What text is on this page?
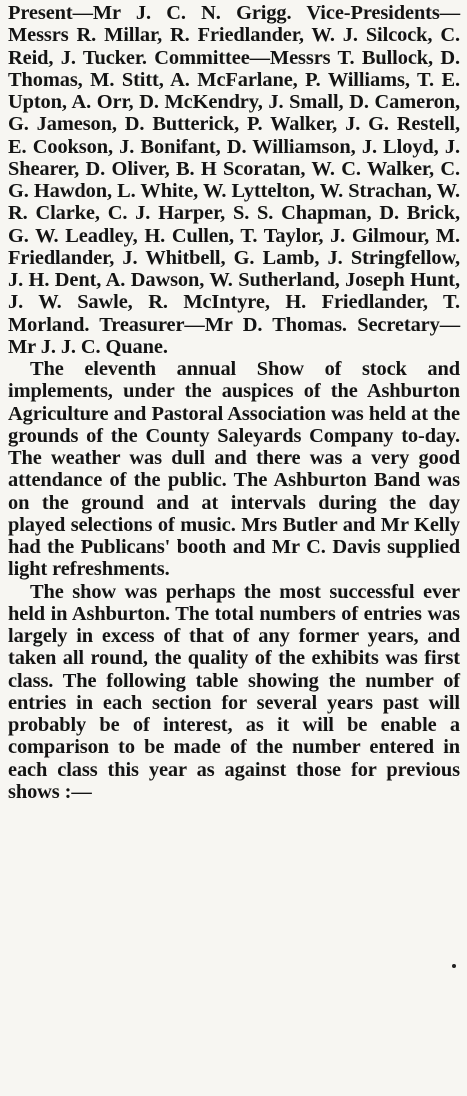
Present—Mr J. C. N. Grigg. Vice-Presidents—Messrs R. Millar, R. Friedlander, W. J. Silcock, C. Reid, J. Tucker. Committee—Messrs T. Bullock, D. Thomas, M. Stitt, A. McFarlane, P. Williams, T. E. Upton, A. Orr, D. McKendry, J. Small, D. Cameron, G. Jameson, D. Butterick, P. Walker, J. G. Restell, E. Cookson, J. Bonifant, D. Williamson, J. Lloyd, J. Shearer, D. Oliver, B. H Scoratan, W. C. Walker, C. G. Hawdon, L. White, W. Lyttelton, W. Strachan, W. R. Clarke, C. J. Harper, S. S. Chapman, D. Brick, G. W. Leadley, H. Cullen, T. Taylor, J. Gilmour, M. Friedlander, J. Whitbell, G. Lamb, J. Stringfellow, J. H. Dent, A. Dawson, W. Sutherland, Joseph Hunt, J. W. Sawle, R. McIntyre, H. Friedlander, T. Morland. Treasurer—Mr D. Thomas. Secretary—Mr J. J. C. Quane.

The eleventh annual Show of stock and implements, under the auspices of the Ashburton Agriculture and Pastoral Association was held at the grounds of the County Saleyards Company to-day. The weather was dull and there was a very good attendance of the public. The Ashburton Band was on the ground and at intervals during the day played selections of music. Mrs Butler and Mr Kelly had the Publicans' booth and Mr C. Davis supplied light refreshments.

The show was perhaps the most successful ever held in Ashburton. The total numbers of entries was largely in excess of that of any former years, and taken all round, the quality of the exhibits was first class. The following table showing the number of entries in each section for several years past will probably be of interest, as it will be enable a comparison to be made of the number entered in each class this year as against those for previous shows :—
